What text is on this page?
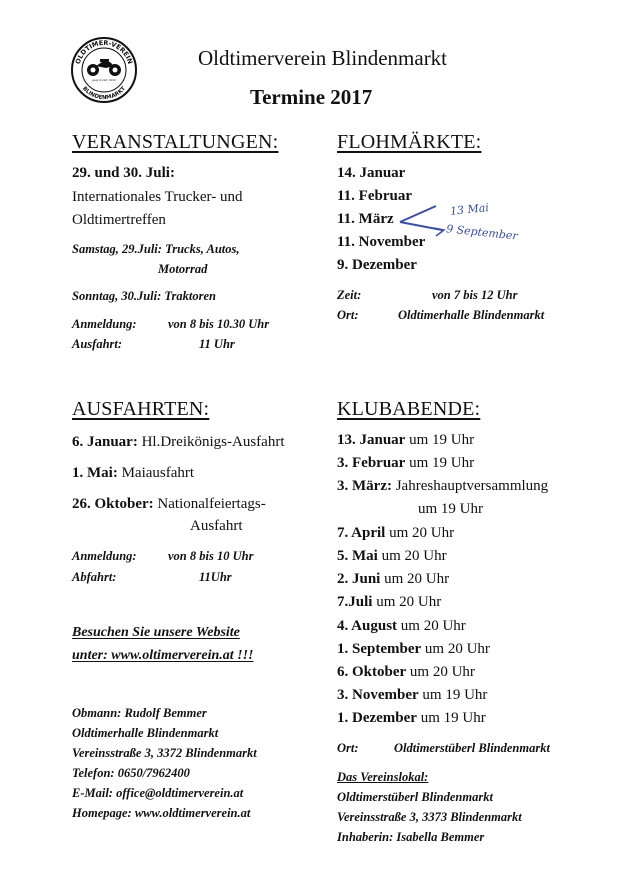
OLDTIMER-VEREIN
BLINDENMARKT
gegründet 1992
Oldtimerverein Blindenmarkt
Termine 2017
VERANSTALTUNGEN:
29. und 30. Juli:
Internationales Trucker- und
Oldtimertreffen
Samstag, 29.Juli: Trucks, Autos,
Motorrad
Sonntag, 30.Juli: Traktoren
Anmeldung:	von 8 bis 10.30 Uhr
Ausfahrt:	11 Uhr
FLOHMÄRKTE:
14. Januar
11. Februar
11. März
11. November
9. Dezember
13 Mai
9 September
Zeit:	von 7 bis 12 Uhr
Ort:	Oldtimerhalle Blindenmarkt
AUSFAHRTEN:
6. Januar: Hl.Dreikönigs-Ausfahrt
1. Mai: Maiausfahrt
26. Oktober: Nationalfeiertags-
Ausfahrt
Anmeldung:	von 8 bis 10 Uhr
Abfahrt:	11Uhr
Besuchen Sie unsere Website
unter: www.oltimerverein.at !!!
Obmann: Rudolf Bemmer
Oldtimerhalle Blindenmarkt
Vereinsstraße 3, 3372 Blindenmarkt
Telefon: 0650/7962400
E-Mail: office@oldtimerverein.at
Homepage: www.oldtimerverein.at
KLUBABENDE:
13. Januar um 19 Uhr
3. Februar um 19 Uhr
3. März: Jahreshauptversammlung
um 19 Uhr
7. April um 20 Uhr
5. Mai um 20 Uhr
2. Juni um 20 Uhr
7.Juli um 20 Uhr
4. August um 20 Uhr
1. September um 20 Uhr
6. Oktober um 20 Uhr
3. November um 19 Uhr
1. Dezember um 19 Uhr
Ort:	Oldtimerstüberl Blindenmarkt
Das Vereinslokal:
Oldtimerstüberl Blindenmarkt
Vereinsstraße 3, 3373 Blindenmarkt
Inhaberin: Isabella Bemmer
